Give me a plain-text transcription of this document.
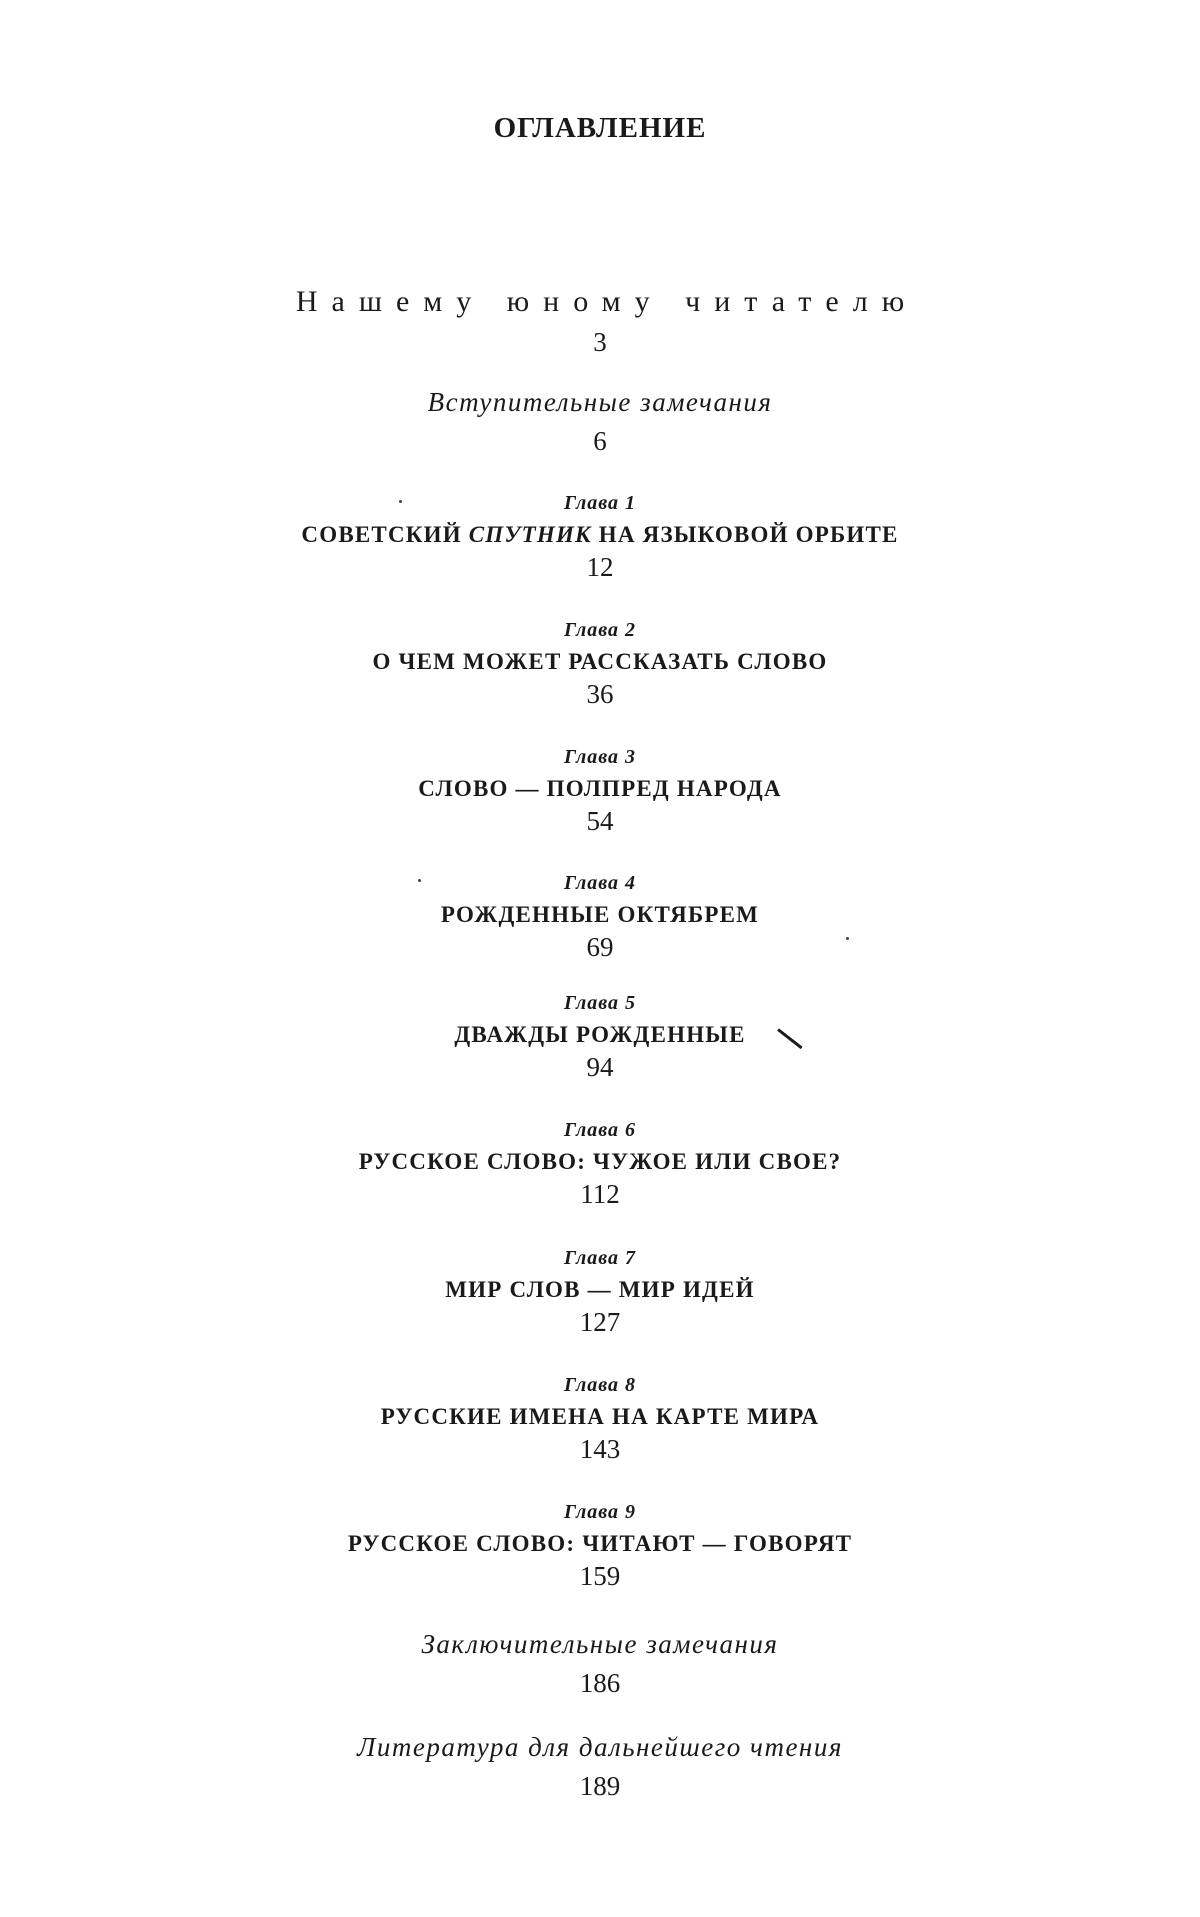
ОГЛАВЛЕНИЕ
Нашему юному читателю
3
Вступительные замечания
6
Глава 1
СОВЕТСКИЙ СПУТНИК НА ЯЗЫКОВОЙ ОРБИТЕ
12
Глава 2
О ЧЕМ МОЖЕТ РАССКАЗАТЬ СЛОВО
36
Глава 3
СЛОВО — ПОЛПРЕД НАРОДА
54
Глава 4
РОЖДЕННЫЕ ОКТЯБРЕМ
69
Глава 5
ДВАЖДЫ РОЖДЕННЫЕ
94
Глава 6
РУССКОЕ СЛОВО: ЧУЖОЕ ИЛИ СВОЕ?
112
Глава 7
МИР СЛОВ — МИР ИДЕЙ
127
Глава 8
РУССКИЕ ИМЕНА НА КАРТЕ МИРА
143
Глава 9
РУССКОЕ СЛОВО: ЧИТАЮТ — ГОВОРЯТ
159
Заключительные замечания
186
Литература для дальнейшего чтения
189
